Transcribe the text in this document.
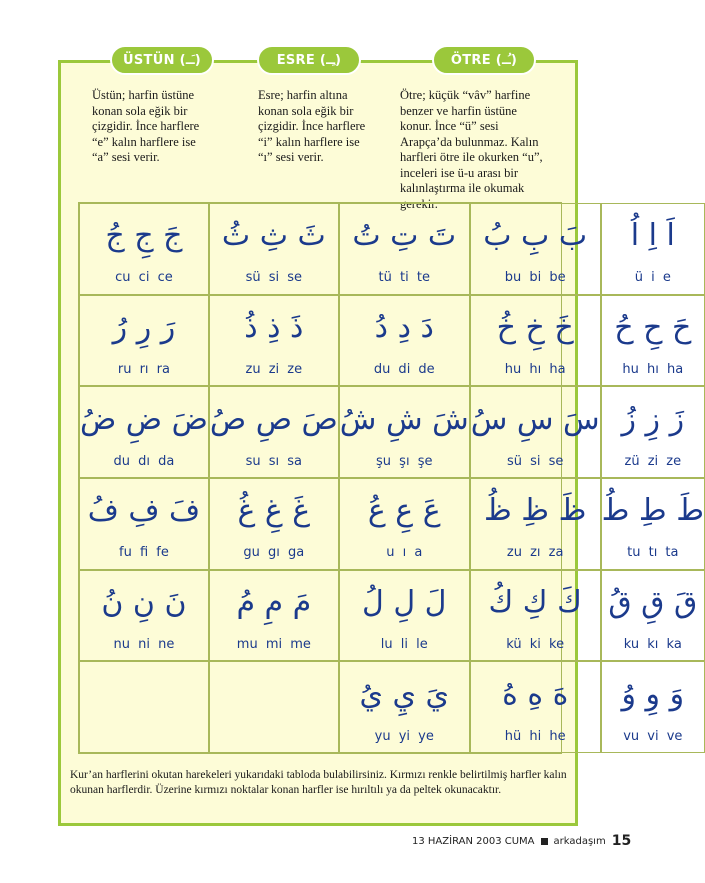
ÜSTÜN (ـَـ)	ESRE (ـِـ)	ÖTRE (ـُـ)
Üstün; harfin üstüne
konan sola eğik bir
çizgidir. İnce harflere
“e” kalın harflere ise
“a” sesi verir.
Esre; harfin altına
konan sola eğik bir
çizgidir. İnce harflere
“i” kalın harflere ise
“ı” sesi verir.
Ötre; küçük “vâv” harfine
benzer ve harfin üstüne
konur. İnce “ü” sesi
Arapça’da bulunmaz. Kalın
harfleri ötre ile okurken “u”,
inceleri ise ü-u arası bir
kalınlaştırma ile okumak
gerekir.
جَ جِ جُ
cu ci ce
ثَ ثِ ثُ
sü si se
تَ تِ تُ
tü ti te
بَ بِ بُ
bu bi be
اَ اِ اُ
ü i e
رَ رِ رُ
ru rı ra
ذَ ذِ ذُ
zu zi ze
دَ دِ دُ
du di de
خَ خِ خُ
hu hı ha
حَ حِ حُ
hu hı ha
ضَ ضِ ضُ
du dı da
صَ صِ صُ
su sı sa
شَ شِ شُ
şu şı şe
سَ سِ سُ
sü si se
زَ زِ زُ
zü zi ze
فَ فِ فُ
fu fi fe
غَ غِ غُ
gu gı ga
عَ عِ عُ
u ı a
ظَ ظِ ظُ
zu zı za
طَ طِ طُ
tu tı ta
نَ نِ نُ
nu ni ne
مَ مِ مُ
mu mi me
لَ لِ لُ
lu li le
كَ كِ كُ
kü ki ke
قَ قِ قُ
ku kı ka
يَ يِ يُ
yu yi ye
هَ هِ هُ
hü hi he
وَ وِ وُ
vu vi ve
Kur’an harflerini okutan harekeleri yukarıdaki tabloda bulabilirsiniz. Kırmızı renkle belirtilmiş harfler kalın okunan harflerdir. Üzerine kırmızı noktalar konan harfler ise hırıltılı ya da peltek okunacaktır.
13 HAZİRAN 2003 CUMA arkadaşım 15
